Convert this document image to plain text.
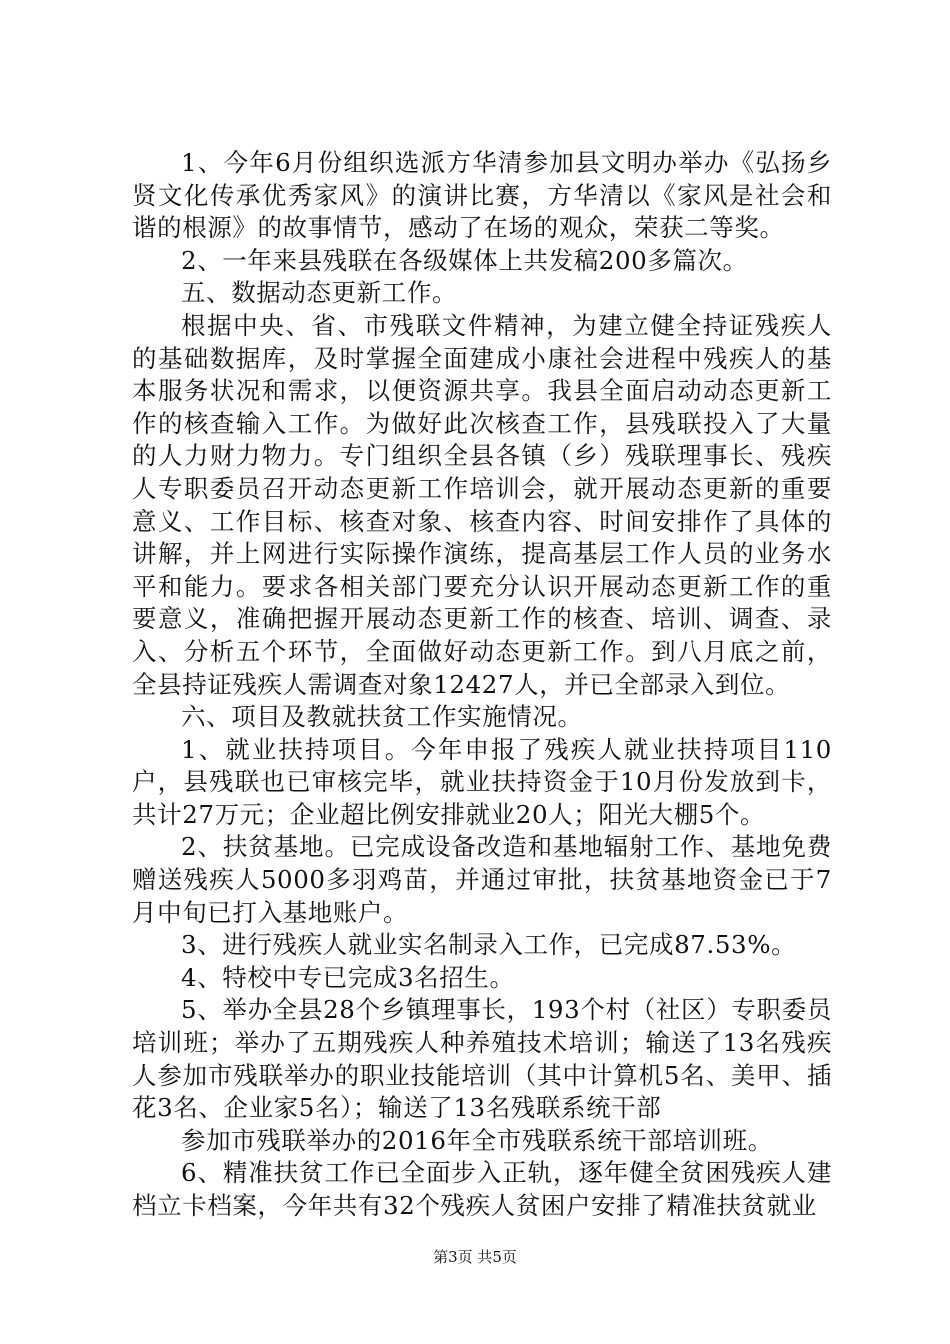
1、今年6月份组织选派方华清参加县文明办举办《弘扬乡贤文化传承优秀家风》的演讲比赛，方华清以《家风是社会和谐的根源》的故事情节，感动了在场的观众，荣获二等奖。

2、一年来县残联在各级媒体上共发稿200多篇次。

五、数据动态更新工作。

根据中央、省、市残联文件精神，为建立健全持证残疾人的基础数据库，及时掌握全面建成小康社会进程中残疾人的基本服务状况和需求，以便资源共享。我县全面启动动态更新工作的核查输入工作。为做好此次核查工作，县残联投入了大量的人力财力物力。专门组织全县各镇（乡）残联理事长、残疾人专职委员召开动态更新工作培训会，就开展动态更新的重要意义、工作目标、核查对象、核查内容、时间安排作了具体的讲解，并上网进行实际操作演练，提高基层工作人员的业务水平和能力。要求各相关部门要充分认识开展动态更新工作的重要意义，准确把握开展动态更新工作的核查、培训、调查、录入、分析五个环节，全面做好动态更新工作。到八月底之前，全县持证残疾人需调查对象12427人，并已全部录入到位。

六、项目及教就扶贫工作实施情况。

1、就业扶持项目。今年申报了残疾人就业扶持项目110户，县残联也已审核完毕，就业扶持资金于10月份发放到卡，共计27万元；企业超比例安排就业20人；阳光大棚5个。

2、扶贫基地。已完成设备改造和基地辐射工作、基地免费赠送残疾人5000多羽鸡苗，并通过审批，扶贫基地资金已于7月中旬已打入基地账户。

3、进行残疾人就业实名制录入工作，已完成87.53%。

4、特校中专已完成3名招生。

5、举办全县28个乡镇理事长，193个村（社区）专职委员培训班；举办了五期残疾人种养殖技术培训；输送了13名残疾人参加市残联举办的职业技能培训（其中计算机5名、美甲、插花3名、企业家5名）；输送了13名残联系统干部

参加市残联举办的2016年全市残联系统干部培训班。

6、精准扶贫工作已全面步入正轨，逐年健全贫困残疾人建档立卡档案，今年共有32个残疾人贫困户安排了精准扶贫就业

第3页 共5页
